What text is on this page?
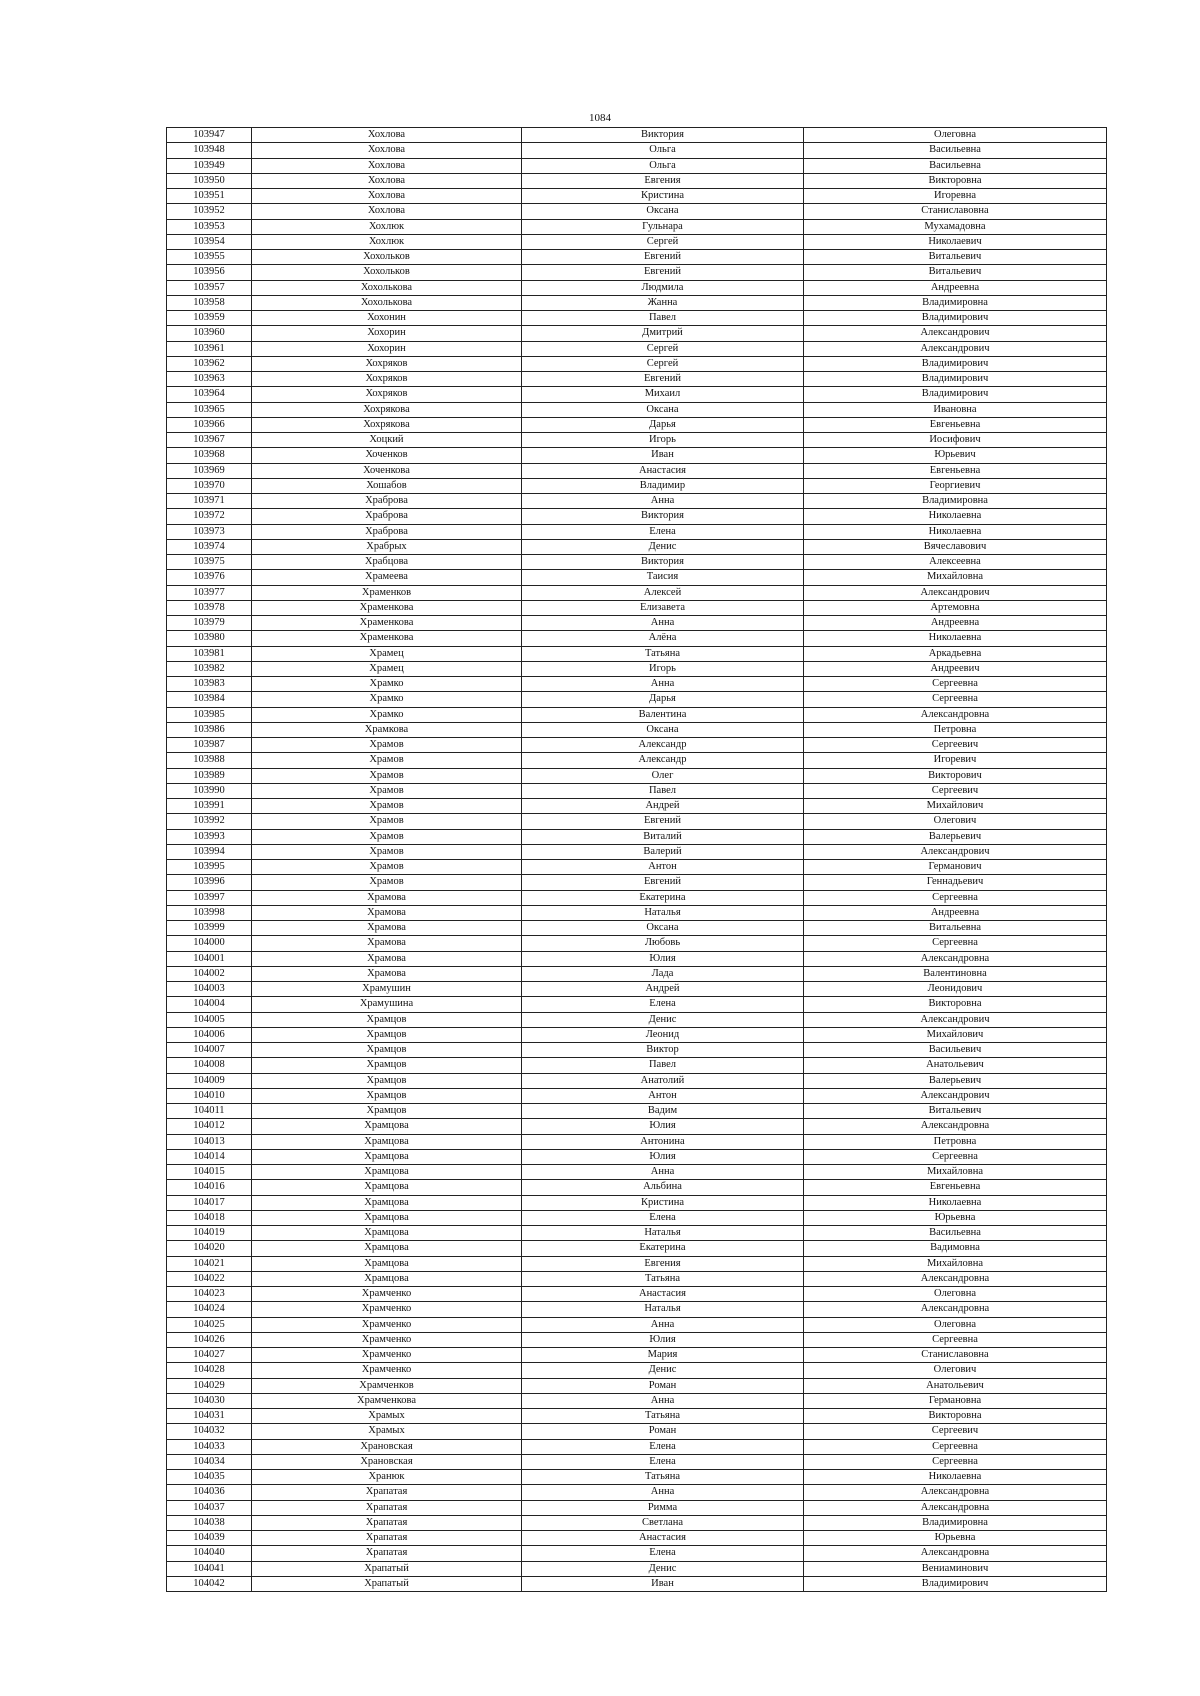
1084
103947	Хохлова	Виктория	Олеговна
103948	Хохлова	Ольга	Васильевна
103949	Хохлова	Ольга	Васильевна
103950	Хохлова	Евгения	Викторовна
103951	Хохлова	Кристина	Игоревна
103952	Хохлова	Оксана	Станиславовна
103953	Хохлюк	Гульнара	Мухамадовна
103954	Хохлюк	Сергей	Николаевич
103955	Хохольков	Евгений	Витальевич
103956	Хохольков	Евгений	Витальевич
103957	Хохолькова	Людмила	Андреевна
103958	Хохолькова	Жанна	Владимировна
103959	Хохонин	Павел	Владимирович
103960	Хохорин	Дмитрий	Александрович
103961	Хохорин	Сергей	Александрович
103962	Хохряков	Сергей	Владимирович
103963	Хохряков	Евгений	Владимирович
103964	Хохряков	Михаил	Владимирович
103965	Хохрякова	Оксана	Ивановна
103966	Хохрякова	Дарья	Евгеньевна
103967	Хоцкий	Игорь	Иосифович
103968	Хоченков	Иван	Юрьевич
103969	Хоченкова	Анастасия	Евгеньевна
103970	Хошабов	Владимир	Георгиевич
103971	Храброва	Анна	Владимировна
103972	Храброва	Виктория	Николаевна
103973	Храброва	Елена	Николаевна
103974	Храбрых	Денис	Вячеславович
103975	Храбцова	Виктория	Алексеевна
103976	Храмеева	Таисия	Михайловна
103977	Храменков	Алексей	Александрович
103978	Храменкова	Елизавета	Артемовна
103979	Храменкова	Анна	Андреевна
103980	Храменкова	Алёна	Николаевна
103981	Храмец	Татьяна	Аркадьевна
103982	Храмец	Игорь	Андреевич
103983	Храмко	Анна	Сергеевна
103984	Храмко	Дарья	Сергеевна
103985	Храмко	Валентина	Александровна
103986	Храмкова	Оксана	Петровна
103987	Храмов	Александр	Сергеевич
103988	Храмов	Александр	Игоревич
103989	Храмов	Олег	Викторович
103990	Храмов	Павел	Сергеевич
103991	Храмов	Андрей	Михайлович
103992	Храмов	Евгений	Олегович
103993	Храмов	Виталий	Валерьевич
103994	Храмов	Валерий	Александрович
103995	Храмов	Антон	Германович
103996	Храмов	Евгений	Геннадьевич
103997	Храмова	Екатерина	Сергеевна
103998	Храмова	Наталья	Андреевна
103999	Храмова	Оксана	Витальевна
104000	Храмова	Любовь	Сергеевна
104001	Храмова	Юлия	Александровна
104002	Храмова	Лада	Валентиновна
104003	Храмушин	Андрей	Леонидович
104004	Храмушина	Елена	Викторовна
104005	Храмцов	Денис	Александрович
104006	Храмцов	Леонид	Михайлович
104007	Храмцов	Виктор	Васильевич
104008	Храмцов	Павел	Анатольевич
104009	Храмцов	Анатолий	Валерьевич
104010	Храмцов	Антон	Александрович
104011	Храмцов	Вадим	Витальевич
104012	Храмцова	Юлия	Александровна
104013	Храмцова	Антонина	Петровна
104014	Храмцова	Юлия	Сергеевна
104015	Храмцова	Анна	Михайловна
104016	Храмцова	Альбина	Евгеньевна
104017	Храмцова	Кристина	Николаевна
104018	Храмцова	Елена	Юрьевна
104019	Храмцова	Наталья	Васильевна
104020	Храмцова	Екатерина	Вадимовна
104021	Храмцова	Евгения	Михайловна
104022	Храмцова	Татьяна	Александровна
104023	Храмченко	Анастасия	Олеговна
104024	Храмченко	Наталья	Александровна
104025	Храмченко	Анна	Олеговна
104026	Храмченко	Юлия	Сергеевна
104027	Храмченко	Мария	Станиславовна
104028	Храмченко	Денис	Олегович
104029	Храмченков	Роман	Анатольевич
104030	Храмченкова	Анна	Германовна
104031	Храмых	Татьяна	Викторовна
104032	Храмых	Роман	Сергеевич
104033	Храновская	Елена	Сергеевна
104034	Храновская	Елена	Сергеевна
104035	Хранюк	Татьяна	Николаевна
104036	Храпатая	Анна	Александровна
104037	Храпатая	Римма	Александровна
104038	Храпатая	Светлана	Владимировна
104039	Храпатая	Анастасия	Юрьевна
104040	Храпатая	Елена	Александровна
104041	Храпатый	Денис	Вениаминович
104042	Храпатый	Иван	Владимирович
